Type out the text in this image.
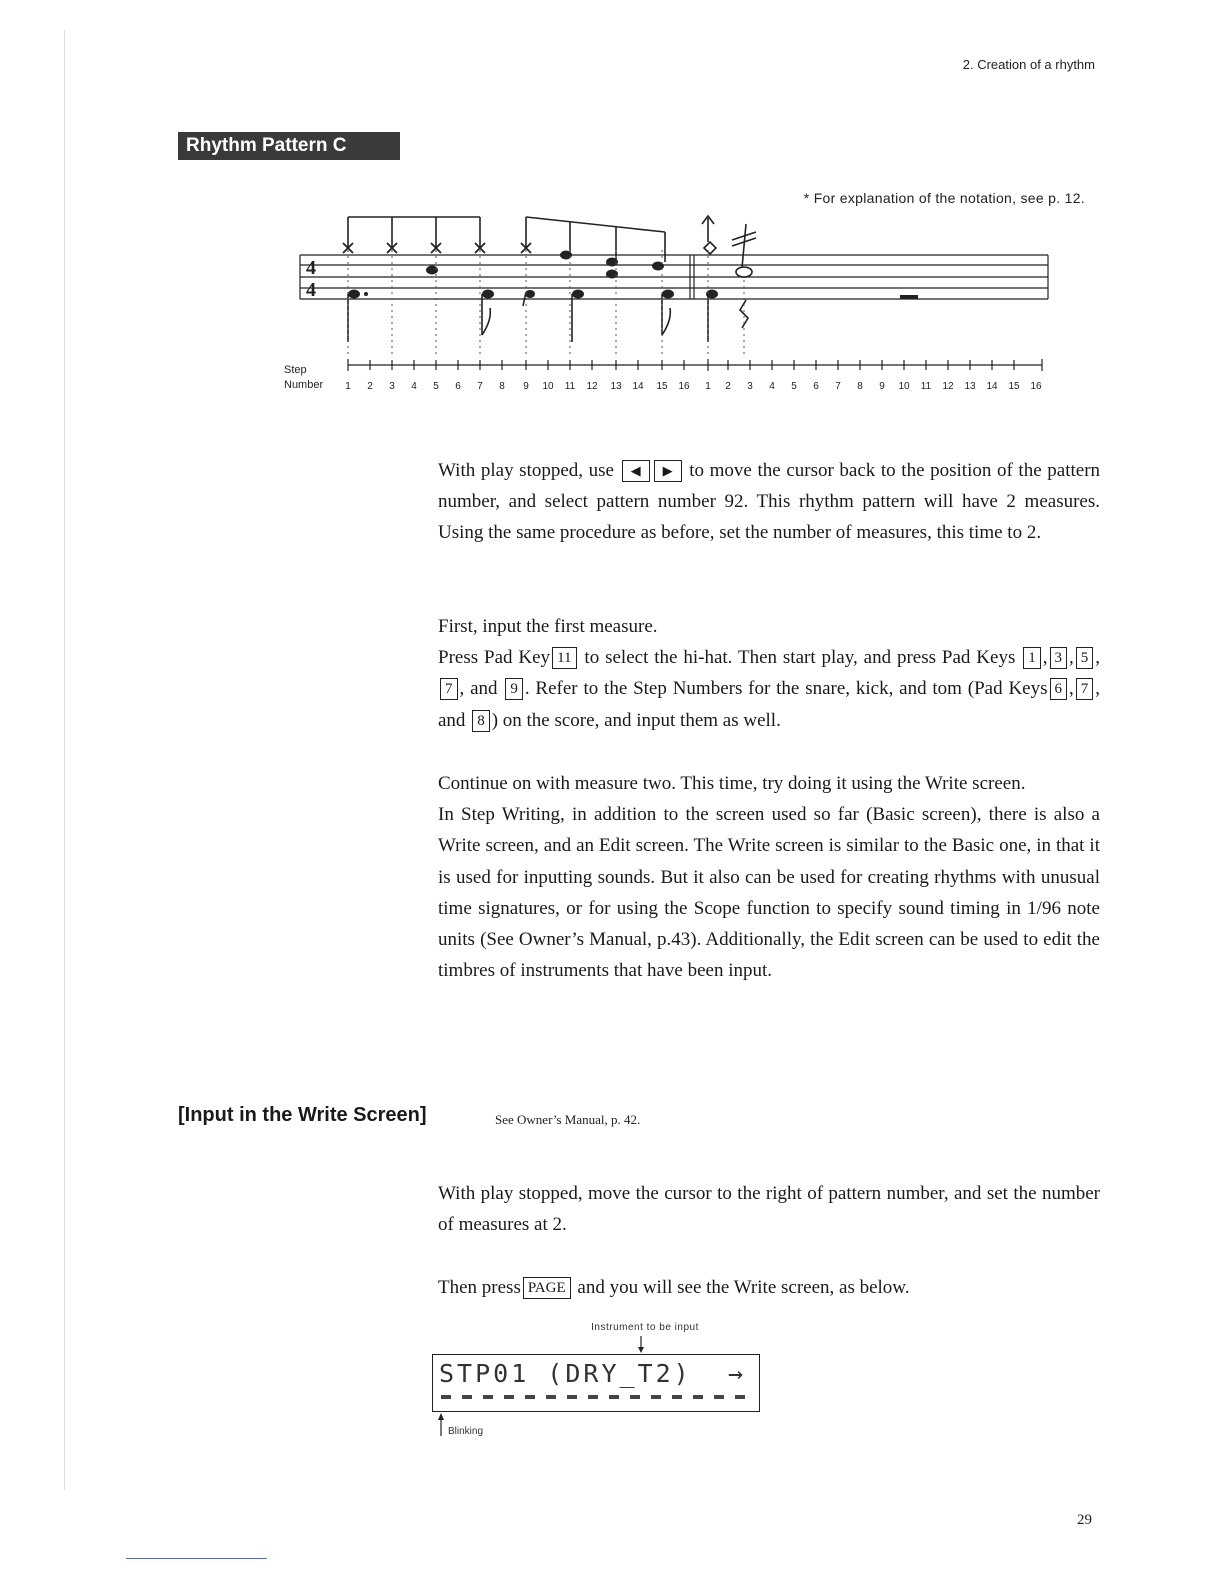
2. Creation of a rhythm
Rhythm Pattern C
* For explanation of the notation, see p. 12.
4
4
Step
Number 1 2 3 4 5 6 7 8 9 10 11 12 13 14 15 16 1 2 3 4 5 6 7 8 9 10 11 12 13 14 15 16

With play stopped, use ◀ ▶ to move the cursor back to the position of the pattern number, and select pattern number 92. This rhythm pattern will have 2 measures. Using the same procedure as before, set the number of measures, this time to 2.

First, input the first measure.

Press Pad Key 11 to select the hi-hat. Then start play, and press Pad Keys 1 , 3 , 5 ,7 , and 9 . Refer to the Step Numbers for the snare, kick, and tom (Pad Keys 6 , 7 , and 8 ) on the score, and input them as well.

Continue on with measure two. This time, try doing it using the Write screen.

In Step Writing, in addition to the screen used so far (Basic screen), there is also a Write screen, and an Edit screen. The Write screen is similar to the Basic one, in that it is used for inputting sounds. But it also can be used for creating rhythms with unusual time signatures, or for using the Scope function to specify sound timing in 1/96 note units (See Owner’s Manual, p.43). Additionally, the Edit screen can be used to edit the timbres of instruments that have been input.

[Input in the Write Screen]	See Owner’s Manual, p. 42.

With play stopped, move the cursor to the right of pattern number, and set the number of measures at 2.

Then press PAGE and you will see the Write screen, as below.

Instrument to be input
STP01 (DRY_T2)  →
Blinking
29
